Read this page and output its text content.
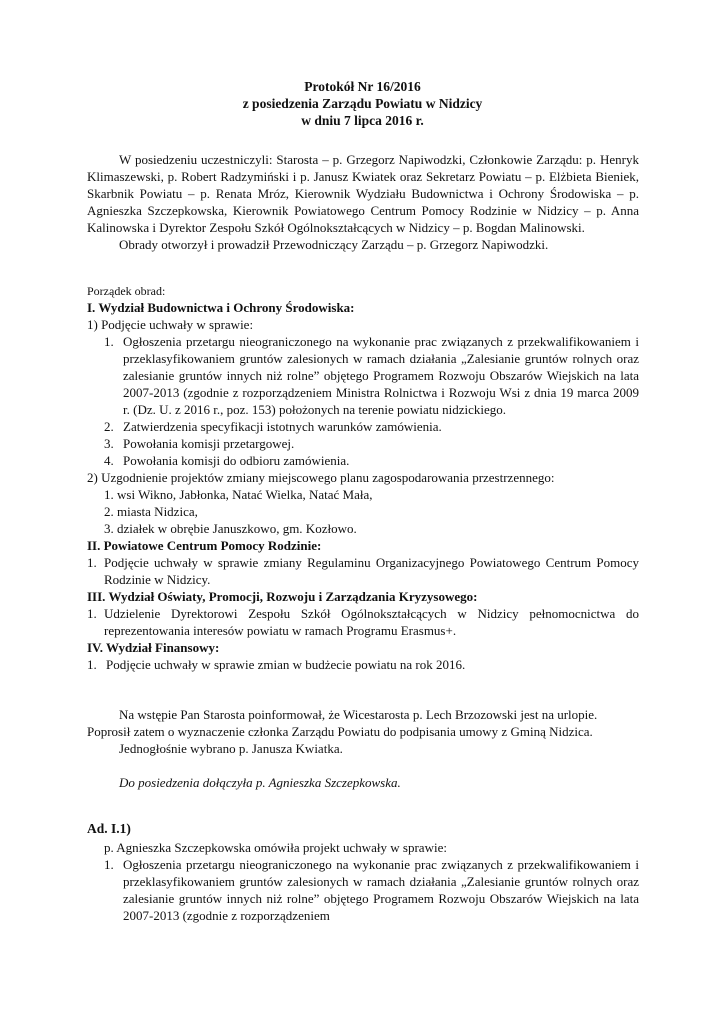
Protokół Nr 16/2016
z posiedzenia Zarządu Powiatu w Nidzicy
w dniu 7 lipca 2016 r.
W posiedzeniu uczestniczyli: Starosta – p. Grzegorz Napiwodzki, Członkowie Zarządu: p. Henryk Klimaszewski, p. Robert Radzymiński i p. Janusz Kwiatek oraz Sekretarz Powiatu – p. Elżbieta Bieniek, Skarbnik Powiatu – p. Renata Mróz, Kierownik Wydziału Budownictwa i Ochrony Środowiska – p. Agnieszka Szczepkowska, Kierownik Powiatowego Centrum Pomocy Rodzinie w Nidzicy – p. Anna Kalinowska i Dyrektor Zespołu Szkół Ogólnokształcących w Nidzicy – p. Bogdan Malinowski.
Obrady otworzył i prowadził Przewodniczący Zarządu – p. Grzegorz Napiwodzki.
Porządek obrad:
I. Wydział Budownictwa i Ochrony Środowiska:
1) Podjęcie uchwały w sprawie:
1. Ogłoszenia przetargu nieograniczonego na wykonanie prac związanych z przekwalifikowaniem i przeklasyfikowaniem gruntów zalesionych w ramach działania „Zalesianie gruntów rolnych oraz zalesianie gruntów innych niż rolne” objętego Programem Rozwoju Obszarów Wiejskich na lata 2007-2013 (zgodnie z rozporządzeniem Ministra Rolnictwa i Rozwoju Wsi z dnia 19 marca 2009 r. (Dz. U. z 2016 r., poz. 153) położonych na terenie powiatu nidzickiego.
2. Zatwierdzenia specyfikacji istotnych warunków zamówienia.
3. Powołania komisji przetargowej.
4. Powołania komisji do odbioru zamówienia.
2) Uzgodnienie projektów zmiany miejscowego planu zagospodarowania przestrzennego:
1. wsi Wikno, Jabłonka, Natać Wielka, Natać Mała,
2. miasta Nidzica,
3. działek w obrębie Januszkowo, gm. Kozłowo.
II. Powiatowe Centrum Pomocy Rodzinie:
1. Podjęcie uchwały w sprawie zmiany Regulaminu Organizacyjnego Powiatowego Centrum Pomocy Rodzinie w Nidzicy.
III. Wydział Oświaty, Promocji, Rozwoju i Zarządzania Kryzysowego:
1. Udzielenie Dyrektorowi Zespołu Szkół Ogólnokształcących w Nidzicy pełnomocnictwa do reprezentowania interesów powiatu w ramach Programu Erasmus+.
IV. Wydział Finansowy:
1. Podjęcie uchwały w sprawie zmian w budżecie powiatu na rok 2016.
Na wstępie Pan Starosta poinformował, że Wicestarosta p. Lech Brzozowski jest na urlopie. Poprosił zatem o wyznaczenie członka Zarządu Powiatu do podpisania umowy z Gminą Nidzica.
Jednogłośnie wybrano p. Janusza Kwiatka.
Do posiedzenia dołączyła p. Agnieszka Szczepkowska.
Ad. I.1)
p. Agnieszka Szczepkowska omówiła projekt uchwały w sprawie:
1. Ogłoszenia przetargu nieograniczonego na wykonanie prac związanych z przekwalifikowaniem i przeklasyfikowaniem gruntów zalesionych w ramach działania „Zalesianie gruntów rolnych oraz zalesianie gruntów innych niż rolne” objętego Programem Rozwoju Obszarów Wiejskich na lata 2007-2013 (zgodnie z rozporządzeniem
